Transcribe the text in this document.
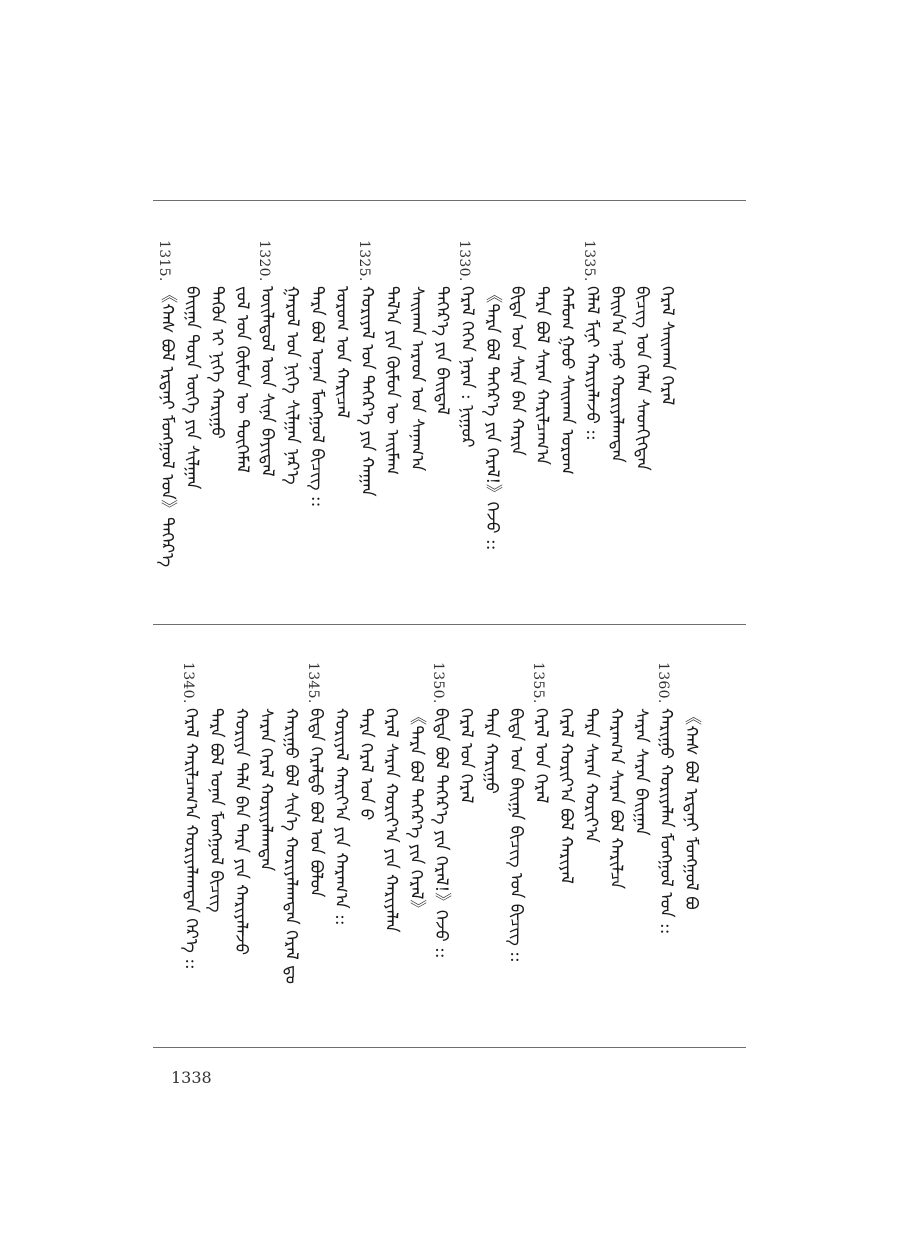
1315.
《ᠬᠠᠰ ᠪᠣᠯ ᠡᠷᠳᠡᠨᠢ ᠮᠣᠩᠭᠣᠯ ᠤᠨ》ᠳᠡᠭᠡᠷ᠎ᠡ ᠪᠠᠢ᠌ᠭᠠ ᠲᠤᠷᠠ ᠦᠭᠡ ᠶᠢᠨ ᠰᠢᠯᠭᠠᠨ ᠲᠡᠭᠦᠨ ᠢ ᠨᠢᠭᠡ ᠬᠠᠷᠢᠭᠤ ᠵᠤᠯ ᠤᠨ ᠬᠦᠮᠦᠨ ᠦ ᠲᠦᠭᠡᠮᠡᠯ
1320.
ᠦᠢᠯᠡᠳᠦᠯ ᠦᠨ ᠰᠢᠨᠡ ᠪᠠᠶᠢᠳᠠᠯ ᠭᠠᠷᠤᠯ ᠤᠨ ᠨᠢᠭᠡ ᠰᠢᠯᠭᠠᠨ ᠨᠡᠷ᠎ᠡ ᠲᠡᠷᠡ ᠪᠣᠯ ᠤᠨᠠᠨ ᠮᠣᠩᠭᠣᠯ ᠪᠢᠴᠢᠭ :: ᠤᠷᠤᠭ ᠤᠨ ᠬᠠᠷᠢᠴᠠᠯ
1325.
ᠬᠣᠷᠢᠶᠠᠯ ᠤᠨ ᠳᠡᠭᠡᠷ᠎ᠡ ᠶᠢᠨ ᠬᠠᠭᠠᠨ ᠲᠠᠯ᠎ᠠ ᠶᠢᠨ ᠬᠦᠮᠦᠨ ᠦ ᠠᠢ᠌ᠮᠠᠭ ᠰᠠᠢ᠌ᠬᠠᠨ ᠠᠷᠠᠳ ᠤᠨ ᠰᠠᠨᠠᠭ᠎ᠠ ᠳᠡᠭᠡᠷ᠎ᠡ ᠶᠢᠨ ᠪᠠᠢ᠌ᠳᠠᠯ
1330.
ᠭᠡᠷᠡᠯ ᠭᠡᠭᠡᠨ ᠨᠠᠷᠠᠨ : ᠨᠢᠭᠤᠷ 《ᠲᠡᠷᠡ ᠪᠣᠯ ᠳᠡᠭᠡᠷ᠎ᠡ ᠶᠢᠨ ᠭᠡᠷᠡᠯ!》ᠭᠡᠵᠦ :: ᠪᠢᠳᠡ ᠤᠨ ᠰᠠᠷᠠ ᠪᠠᠨ ᠬᠠᠷᠢᠨ ᠲᠡᠷᠡ ᠪᠣᠯ ᠰᠠᠷᠠᠨ ᠬᠠᠷᠢᠯᠴᠠᠭ᠎ᠠ ᠬᠠᠮᠤᠭ ᠭᠣᠣ ᠰᠠᠢ᠌ᠬᠠᠨ ᠤᠷᠤᠭ
1335.
ᠬᠡᠯᠡᠯ ᠮᠢᠨᠢ ᠬᠠᠷᠢᠶᠠᠯᠠᠵᠤ :: ᠪᠠᠢ᠌ᠨ᠎ᠠ ᠠᠨᠤ ᠬᠣᠷᠢᠶᠠᠯᠠᠭᠳᠠᠨ ᠪᠢᠴᠢᠭ ᠤᠨ ᠬᠡᠯᠡᠨ ᠰᠡᠳᠬᠢᠭᠳᠡᠨ ᠭᠡᠷᠡᠯ ᠰᠠᠢ᠌ᠬᠠᠨ ᠭᠡᠷᠡᠯ
1340.
ᠭᠡᠷᠡᠯ ᠬᠠᠷᠢᠯᠴᠠᠭ᠎ᠠ ᠬᠣᠷᠢᠶᠠᠯᠠᠭᠳᠠᠨ ᠭᠡᠷ᠎ᠡ :: ᠲᠡᠷᠡ ᠪᠣᠯ ᠤᠨᠠᠨ ᠮᠣᠩᠭᠣᠯ ᠪᠢᠴᠢᠭ ᠬᠣᠷᠢᠶᠠ ᠳᠠᠯᠠ ᠪᠠᠨ ᠲᠡᠷᠡ ᠶᠢᠨ ᠬᠠᠷᠢᠶᠠᠯᠠᠵᠤ ᠰᠠᠷᠠᠨ ᠭᠡᠷᠡᠯ ᠬᠣᠷᠢᠶᠠᠯᠠᠭᠳᠠᠨ ᠬᠠᠷᠢᠭᠤ ᠪᠣᠯ ᠰᠢᠨ᠎ᠡ ᠬᠣᠷᠢᠶᠠᠯᠠᠭᠳᠠᠨ ᠭᠡᠷᠡᠯ ᠳᠤ
1345.
ᠪᠢᠳᠡ ᠭᠡᠷᠡᠯᠲᠦ ᠪᠣᠯ ᠤᠨ ᠪᠣᠯᠤᠨ ᠬᠣᠷᠢᠶᠠᠯ ᠬᠠᠷᠢᠶ᠎ᠠ ᠶᠢᠨ ᠬᠠᠷᠠᠭ᠎ᠠ :: ᠲᠡᠷᠡ ᠭᠡᠷᠡᠯ ᠤᠨ ᠪ ᠭᠡᠷᠡᠯ ᠰᠠᠷᠠᠨ ᠬᠣᠷᠢᠶ᠎ᠠ ᠶᠢᠨ ᠬᠠᠷᠢᠶᠠᠯᠠᠨ 《ᠲᠡᠷᠡ ᠪᠣᠯ ᠳᠡᠭᠡᠷ᠎ᠡ ᠶᠢᠨ ᠭᠡᠷᠡᠯ》
1350.
ᠪᠢᠳᠡ ᠪᠣᠯ ᠳᠡᠭᠡᠷ᠎ᠡ ᠶᠢᠨ ᠭᠡᠷᠡᠯ!》ᠭᠡᠵᠦ :: ᠭᠡᠷᠡᠯ ᠤᠨ ᠭᠡᠷᠡᠯ ᠲᠡᠷᠡ ᠬᠠᠷᠢᠭᠤ ᠪᠢᠳᠡ ᠤᠨ ᠪᠠᠢ᠌ᠭᠠ ᠪᠢᠴᠢᠭ ᠤᠨ ᠪᠢᠴᠢᠭ ::
1355.
ᠭᠡᠷᠡᠯ ᠤᠨ ᠭᠡᠷᠡᠯ ᠭᠡᠷᠡᠯ ᠬᠣᠷᠢᠶ᠎ᠠ ᠪᠣᠯ ᠬᠠᠷᠢᠶᠠᠯ ᠲᠡᠷᠡ ᠰᠠᠷᠠᠨ ᠬᠣᠷᠢᠶ᠎ᠠ ᠬᠠᠷᠠᠭ᠎ᠠ ᠰᠠᠷᠠᠨ ᠪᠣᠯ ᠬᠠᠷᠢᠯᠴᠠ ᠰᠠᠷᠠᠨ ᠰᠠᠷᠠᠨ ᠪᠠᠢ᠌ᠭᠠᠨ
1360.
ᠬᠠᠷᠢᠭᠤ ᠬᠣᠷᠢᠶᠠᠯᠠᠨ ᠮᠣᠩᠭᠣᠯ ᠤᠨ :: 《ᠬᠠᠰ ᠪᠣᠯ ᠡᠷᠳᠡᠨᠢ ᠮᠣᠩᠭᠣᠯ ᠪᠣ
1338
